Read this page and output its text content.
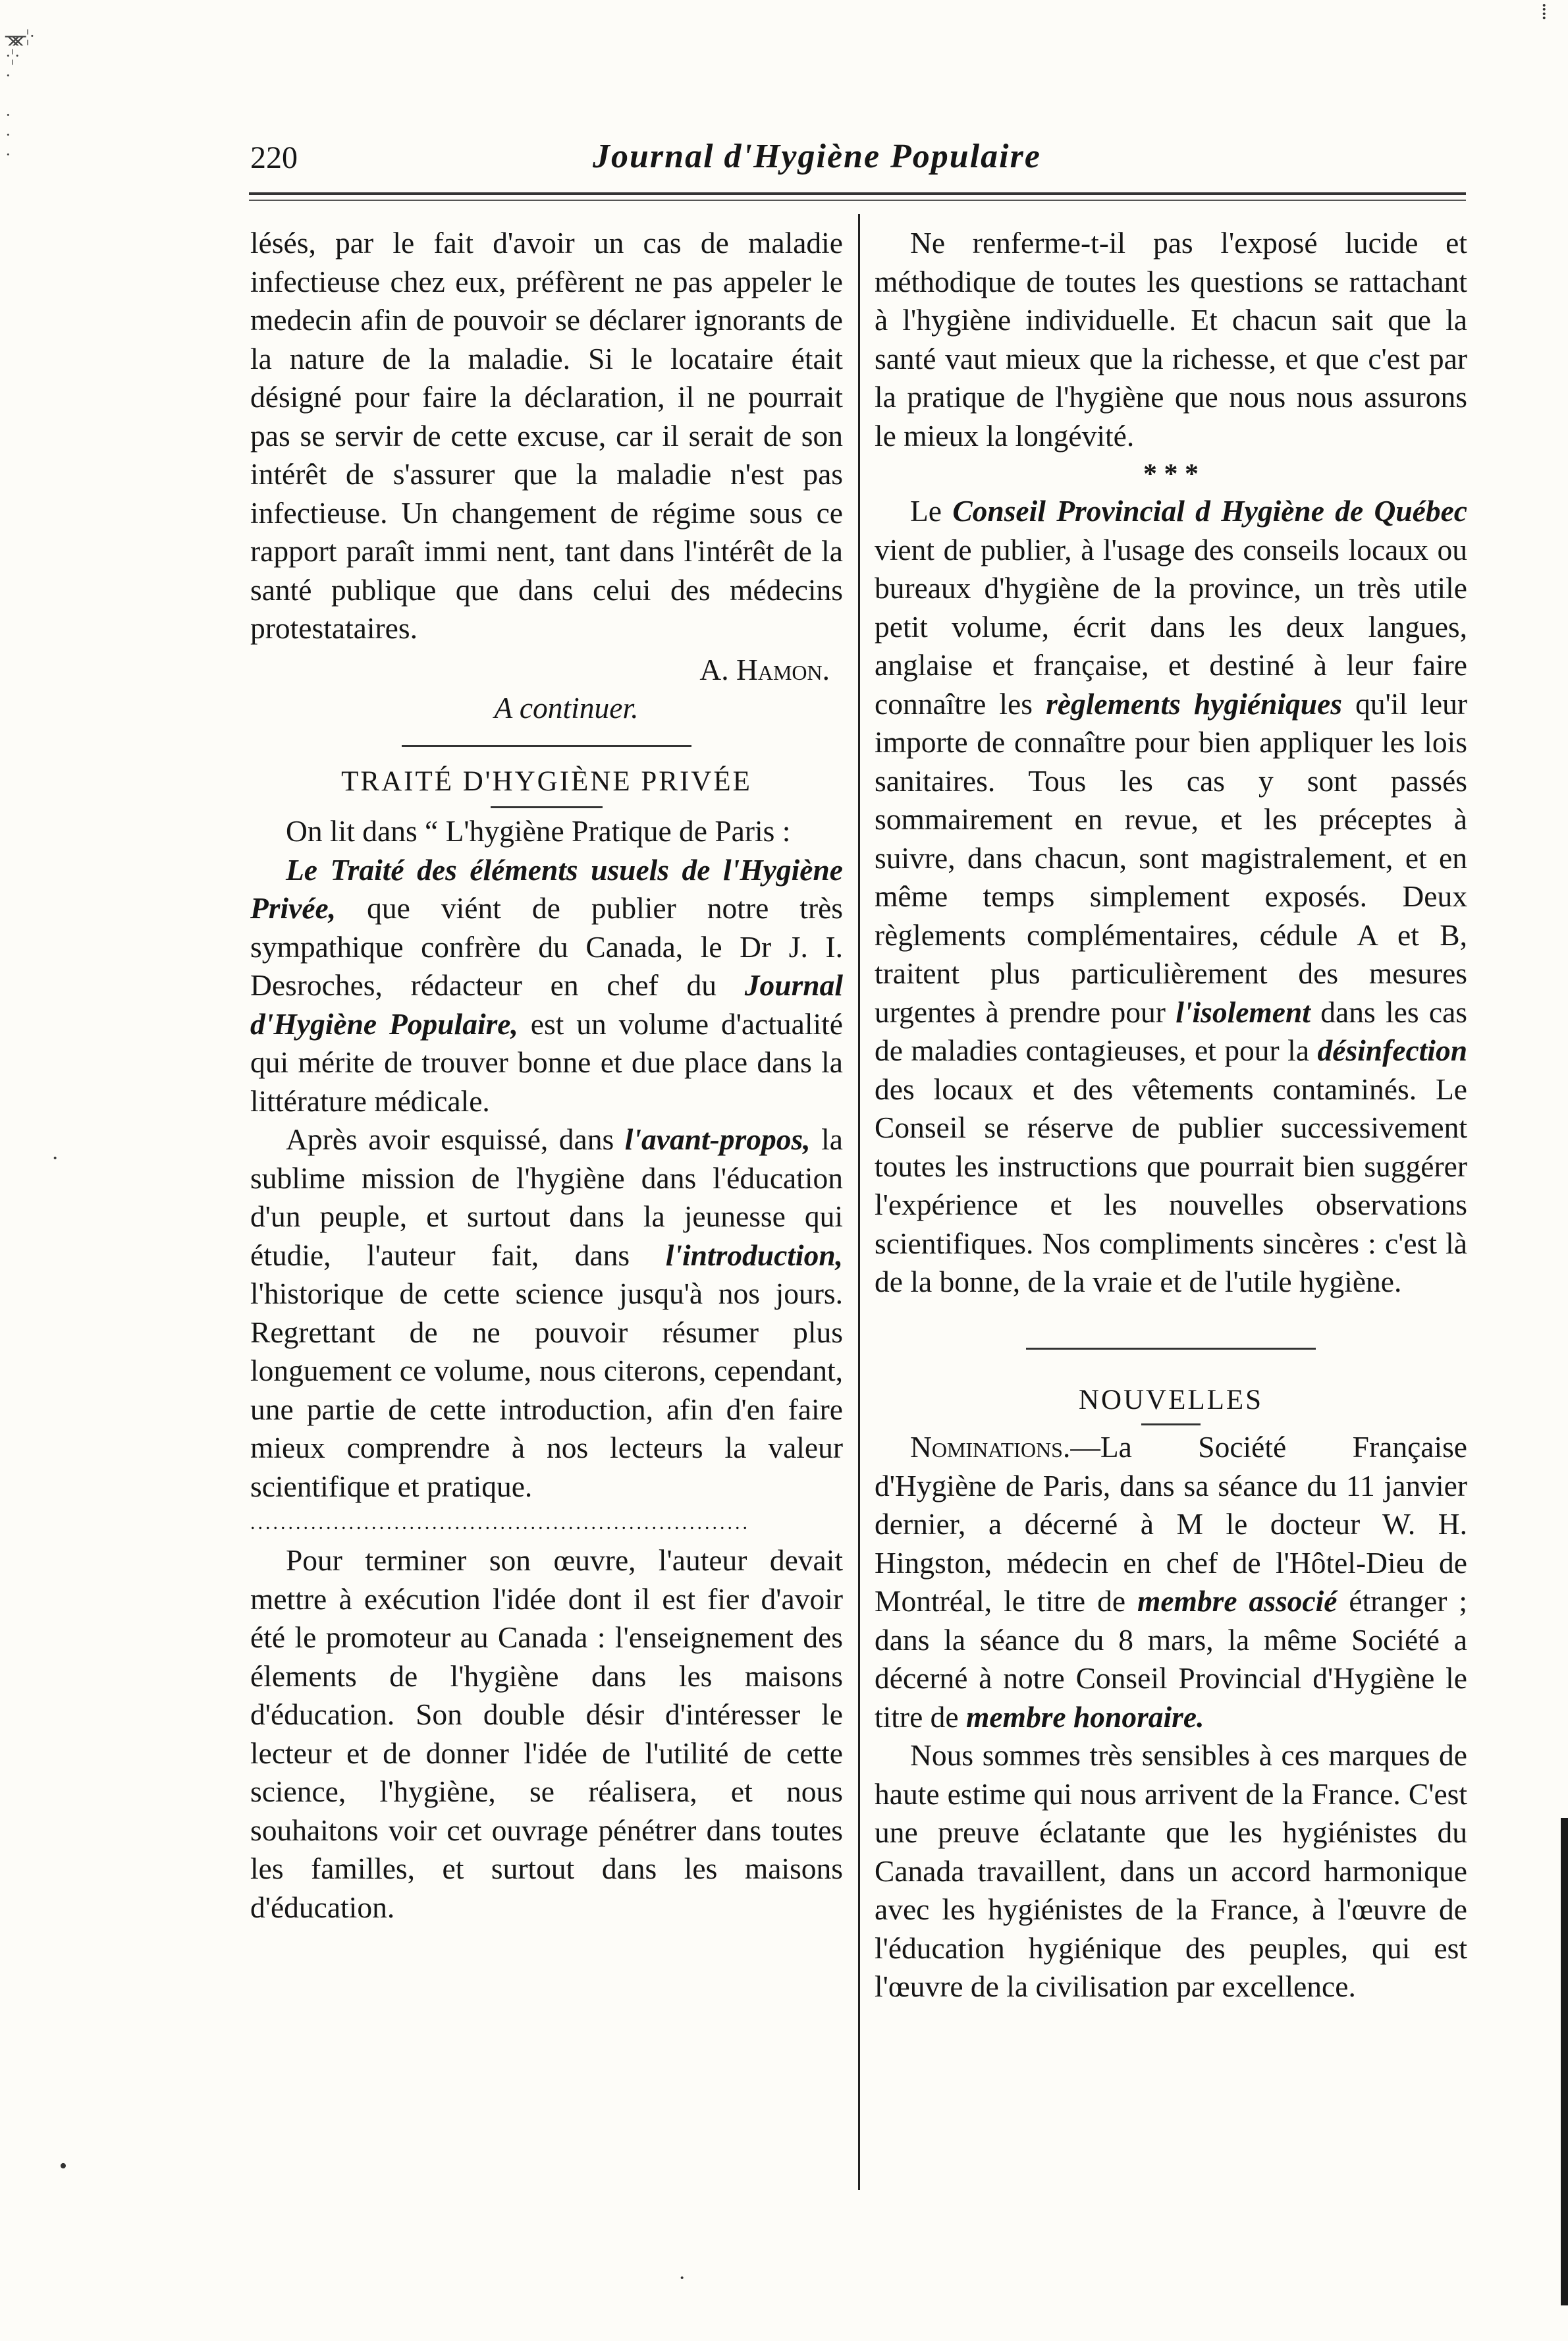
ᚘ¦·
·¦·
·

·
·
·
⁞
·
•
·
220	Journal d'Hygiène Populaire

lésés, par le fait d'avoir un cas de maladie infectieuse chez eux, préfèrent ne pas appeler le medecin afin de pouvoir se déclarer ignorants de la nature de la maladie. Si le locataire était désigné pour faire la déclaration, il ne pourrait pas se servir de cette excuse, car il serait de son intérêt de s'assurer que la maladie n'est pas infectieuse. Un changement de régime sous ce rapport paraît immi nent, tant dans l'intérêt de la santé publique que dans celui des médecins protestataires.

A. Hamon.

A continuer.

TRAITÉ D'HYGIÈNE PRIVÉE

On lit dans “ L'hygiène Pratique de Paris :

Le Traité des éléments usuels de l'Hygiène Privée, que viént de publier notre très sympathique confrère du Canada, le Dr J. I. Desroches, rédacteur en chef du Journal d'Hygiène Populaire, est un volume d'actualité qui mérite de trouver bonne et due place dans la littérature médicale.

Après avoir esquissé, dans l'avant-propos, la sublime mission de l'hygiène dans l'éducation d'un peuple, et surtout dans la jeunesse qui étudie, l'auteur fait, dans l'introduction, l'historique de cette science jusqu'à nos jours. Regrettant de ne pouvoir résumer plus longuement ce volume, nous citerons, cependant, une partie de cette introduction, afin d'en faire mieux comprendre à nos lecteurs la valeur scientifique et pratique.

..................................................................

Pour terminer son œuvre, l'auteur devait mettre à exécution l'idée dont il est fier d'avoir été le promoteur au Canada : l'enseignement des élements de l'hygiène dans les maisons d'éducation. Son double désir d'intéresser le lecteur et de donner l'idée de l'utilité de cette science, l'hygiène, se réalisera, et nous souhaitons voir cet ouvrage pénétrer dans toutes les familles, et surtout dans les maisons d'éducation.

Ne renferme-t-il pas l'exposé lucide et méthodique de toutes les questions se rattachant à l'hygiène individuelle. Et chacun sait que la santé vaut mieux que la richesse, et que c'est par la pratique de l'hygiène que nous nous assurons le mieux la longévité.

* * *

Le Conseil Provincial d Hygiène de Québec vient de publier, à l'usage des conseils locaux ou bureaux d'hygiène de la province, un très utile petit volume, écrit dans les deux langues, anglaise et française, et destiné à leur faire connaître les règlements hygiéniques qu'il leur importe de connaître pour bien appliquer les lois sanitaires. Tous les cas y sont passés sommairement en revue, et les préceptes à suivre, dans chacun, sont magistralement, et en même temps simplement exposés. Deux règlements complémentaires, cédule A et B, traitent plus particulièrement des mesures urgentes à prendre pour l'isolement dans les cas de maladies contagieuses, et pour la désinfection des locaux et des vêtements contaminés. Le Conseil se réserve de publier successivement toutes les instructions que pourrait bien suggérer l'expérience et les nouvelles observations scientifiques. Nos compliments sincères : c'est là de la bonne, de la vraie et de l'utile hygiène.

NOUVELLES

Nominations.—La Société Française d'Hygiène de Paris, dans sa séance du 11 janvier dernier, a décerné à M le docteur W. H. Hingston, médecin en chef de l'Hôtel-Dieu de Montréal, le titre de membre associé étranger ; dans la séance du 8 mars, la même Société a décerné à notre Conseil Provincial d'Hygiène le titre de membre honoraire.

Nous sommes très sensibles à ces marques de haute estime qui nous arrivent de la France. C'est une preuve éclatante que les hygiénistes du Canada travaillent, dans un accord harmonique avec les hygiénistes de la France, à l'œuvre de l'éducation hygiénique des peuples, qui est l'œuvre de la civilisation par excellence.
